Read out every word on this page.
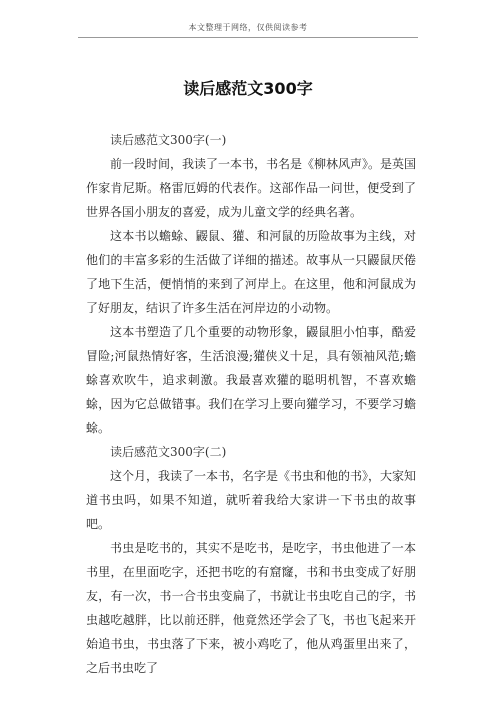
本文整理于网络，仅供阅读参考
读后感范文300字

读后感范文300字(一)

前一段时间，我读了一本书，书名是《柳林风声》。是英国作家肯尼斯。格雷厄姆的代表作。这部作品一问世，便受到了世界各国小朋友的喜爱，成为儿童文学的经典名著。

这本书以蟾蜍、鼹鼠、獾、和河鼠的历险故事为主线，对他们的丰富多彩的生活做了详细的描述。故事从一只鼹鼠厌倦了地下生活，便悄悄的来到了河岸上。在这里，他和河鼠成为了好朋友，结识了许多生活在河岸边的小动物。

这本书塑造了几个重要的动物形象，鼹鼠胆小怕事，酷爱冒险;河鼠热情好客，生活浪漫;獾侠义十足，具有领袖风范;蟾蜍喜欢吹牛，追求刺激。我最喜欢獾的聪明机智，不喜欢蟾蜍，因为它总做错事。我们在学习上要向獾学习，不要学习蟾蜍。

读后感范文300字(二)

这个月，我读了一本书，名字是《书虫和他的书》，大家知道书虫吗，如果不知道，就听着我给大家讲一下书虫的故事吧。

书虫是吃书的，其实不是吃书，是吃字，书虫他进了一本书里，在里面吃字，还把书吃的有窟窿，书和书虫变成了好朋友，有一次，书一合书虫变扁了，书就让书虫吃自己的字，书虫越吃越胖，比以前还胖，他竟然还学会了飞，书也飞起来开始追书虫，书虫落了下来，被小鸡吃了，他从鸡蛋里出来了，之后书虫吃了
